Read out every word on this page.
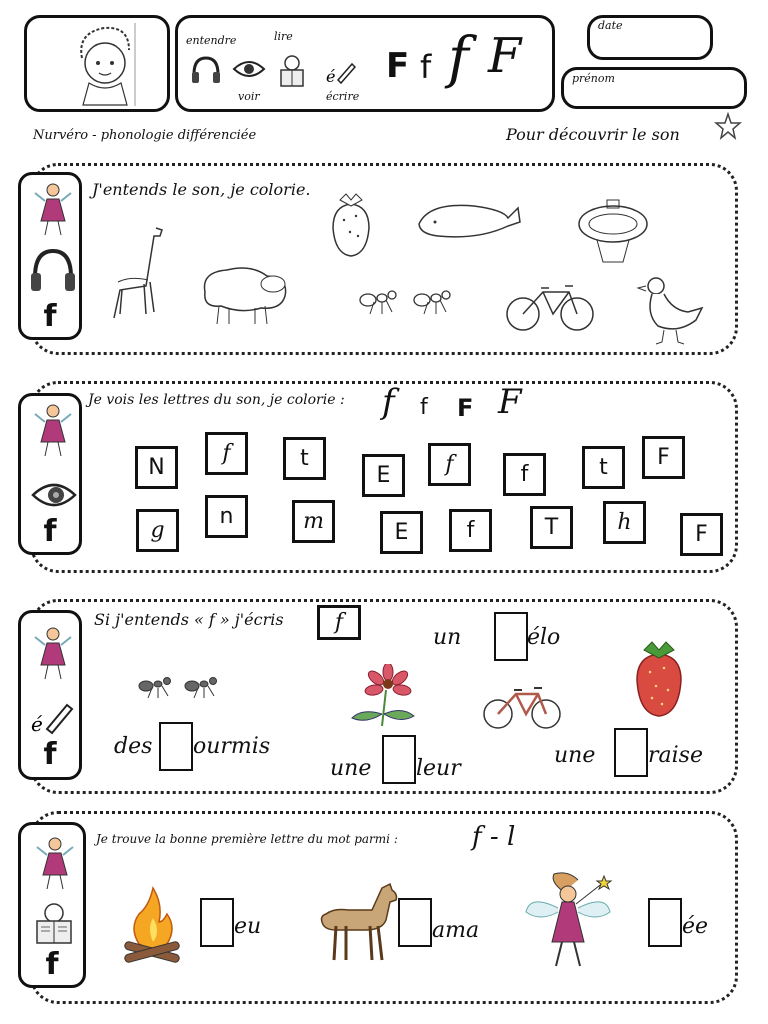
entendre	lire
voir	écrire
é F f f F
date
prénom
Nurvéro - phonologie différenciée	Pour découvrir le son
f
J'entends le son, je colorie.
f
Je vois les lettres du son, je colorie : f f F F
N
f	t
E	f	f	t	F
g
n	m	E	f	T	h	F
é
f
Si j'entends « f » j'écris	f
un	élo
des ourmis
une leur
une raise
f
Je trouve la bonne première lettre du mot parmi :	f - l
eu	ama	ée
